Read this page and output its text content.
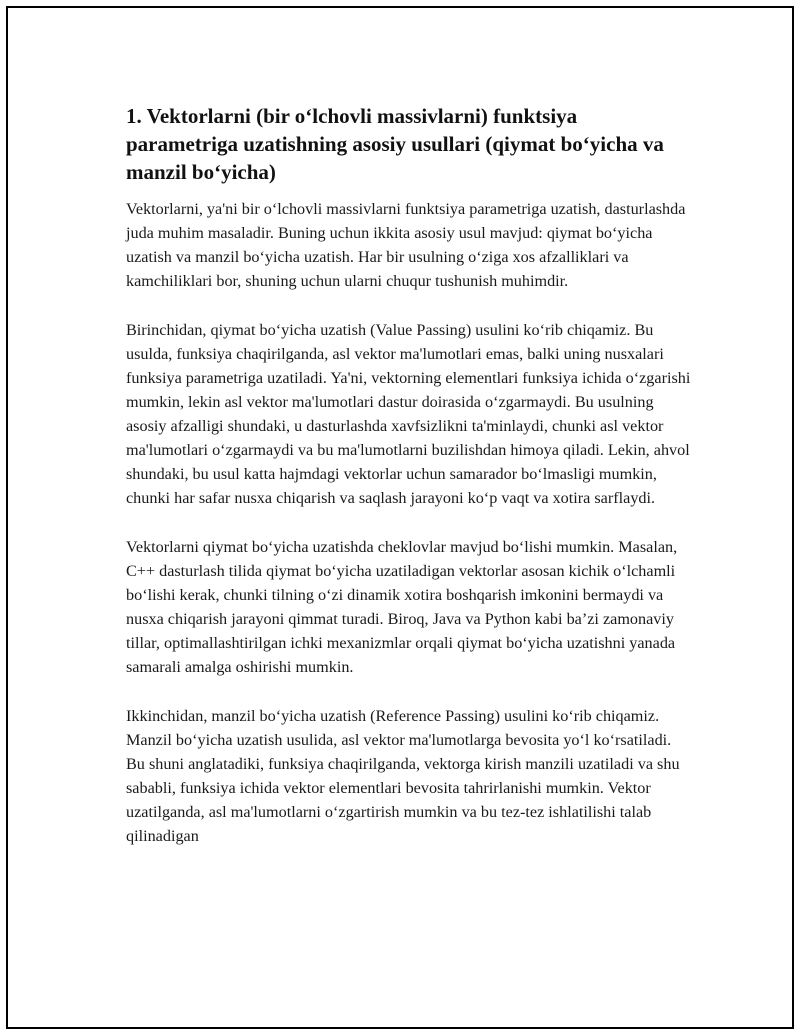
1. Vektorlarni (bir o‘lchovli massivlarni) funktsiya parametriga uzatishning asosiy usullari (qiymat bo‘yicha va manzil bo‘yicha)

Vektorlarni, ya'ni bir o‘lchovli massivlarni funktsiya parametriga uzatish, dasturlashda juda muhim masaladir. Buning uchun ikkita asosiy usul mavjud: qiymat bo‘yicha uzatish va manzil bo‘yicha uzatish. Har bir usulning o‘ziga xos afzalliklari va kamchiliklari bor, shuning uchun ularni chuqur tushunish muhimdir.

Birinchidan, qiymat bo‘yicha uzatish (Value Passing) usulini ko‘rib chiqamiz. Bu usulda, funksiya chaqirilganda, asl vektor ma'lumotlari emas, balki uning nusxalari funksiya parametriga uzatiladi. Ya'ni, vektorning elementlari funksiya ichida o‘zgarishi mumkin, lekin asl vektor ma'lumotlari dastur doirasida o‘zgarmaydi. Bu usulning asosiy afzalligi shundaki, u dasturlashda xavfsizlikni ta'minlaydi, chunki asl vektor ma'lumotlari o‘zgarmaydi va bu ma'lumotlarni buzilishdan himoya qiladi. Lekin, ahvol shundaki, bu usul katta hajmdagi vektorlar uchun samarador bo‘lmasligi mumkin, chunki har safar nusxa chiqarish va saqlash jarayoni ko‘p vaqt va xotira sarflaydi.

Vektorlarni qiymat bo‘yicha uzatishda cheklovlar mavjud bo‘lishi mumkin. Masalan, C++ dasturlash tilida qiymat bo‘yicha uzatiladigan vektorlar asosan kichik o‘lchamli bo‘lishi kerak, chunki tilning o‘zi dinamik xotira boshqarish imkonini bermaydi va nusxa chiqarish jarayoni qimmat turadi. Biroq, Java va Python kabi ba’zi zamonaviy tillar, optimallashtirilgan ichki mexanizmlar orqali qiymat bo‘yicha uzatishni yanada samarali amalga oshirishi mumkin.

Ikkinchidan, manzil bo‘yicha uzatish (Reference Passing) usulini ko‘rib chiqamiz. Manzil bo‘yicha uzatish usulida, asl vektor ma'lumotlarga bevosita yo‘l ko‘rsatiladi. Bu shuni anglatadiki, funksiya chaqirilganda, vektorga kirish manzili uzatiladi va shu sababli, funksiya ichida vektor elementlari bevosita tahrirlanishi mumkin. Vektor uzatilganda, asl ma'lumotlarni o‘zgartirish mumkin va bu tez-tez ishlatilishi talab qilinadigan
